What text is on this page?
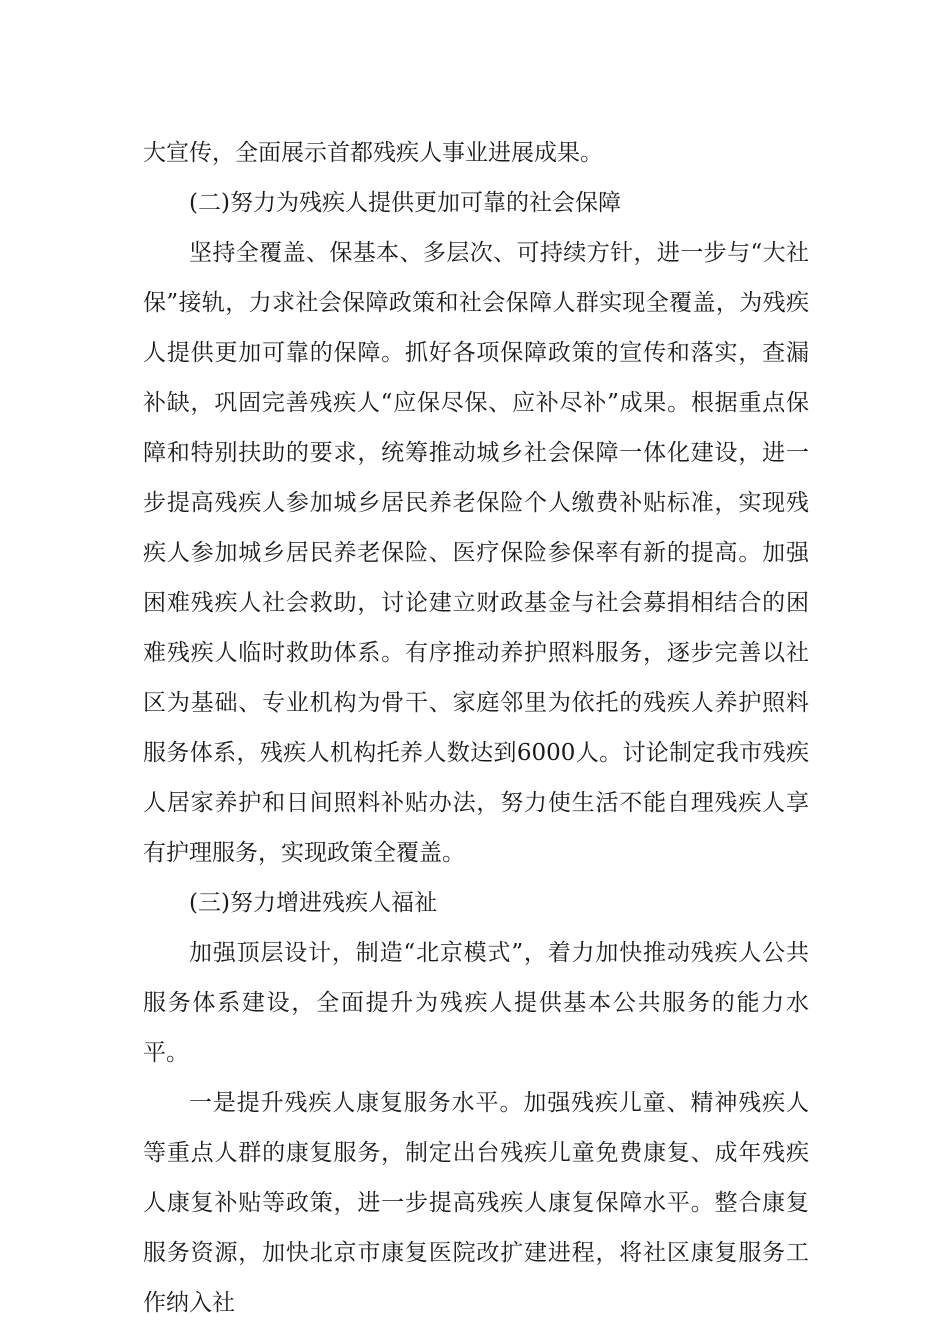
大宣传，全面展示首都残疾人事业进展成果。

(二)努力为残疾人提供更加可靠的社会保障

坚持全覆盖、保基本、多层次、可持续方针，进一步与“大社保”接轨，力求社会保障政策和社会保障人群实现全覆盖，为残疾人提供更加可靠的保障。抓好各项保障政策的宣传和落实，查漏补缺，巩固完善残疾人“应保尽保、应补尽补”成果。根据重点保障和特别扶助的要求，统筹推动城乡社会保障一体化建设，进一步提高残疾人参加城乡居民养老保险个人缴费补贴标准，实现残疾人参加城乡居民养老保险、医疗保险参保率有新的提高。加强困难残疾人社会救助，讨论建立财政基金与社会募捐相结合的困难残疾人临时救助体系。有序推动养护照料服务，逐步完善以社区为基础、专业机构为骨干、家庭邻里为依托的残疾人养护照料服务体系，残疾人机构托养人数达到6000人。讨论制定我市残疾人居家养护和日间照料补贴办法，努力使生活不能自理残疾人享有护理服务，实现政策全覆盖。

(三)努力增进残疾人福祉

加强顶层设计，制造“北京模式”，着力加快推动残疾人公共服务体系建设，全面提升为残疾人提供基本公共服务的能力水平。

一是提升残疾人康复服务水平。加强残疾儿童、精神残疾人等重点人群的康复服务，制定出台残疾儿童免费康复、成年残疾人康复补贴等政策，进一步提高残疾人康复保障水平。整合康复服务资源，加快北京市康复医院改扩建进程，将社区康复服务工作纳入社
